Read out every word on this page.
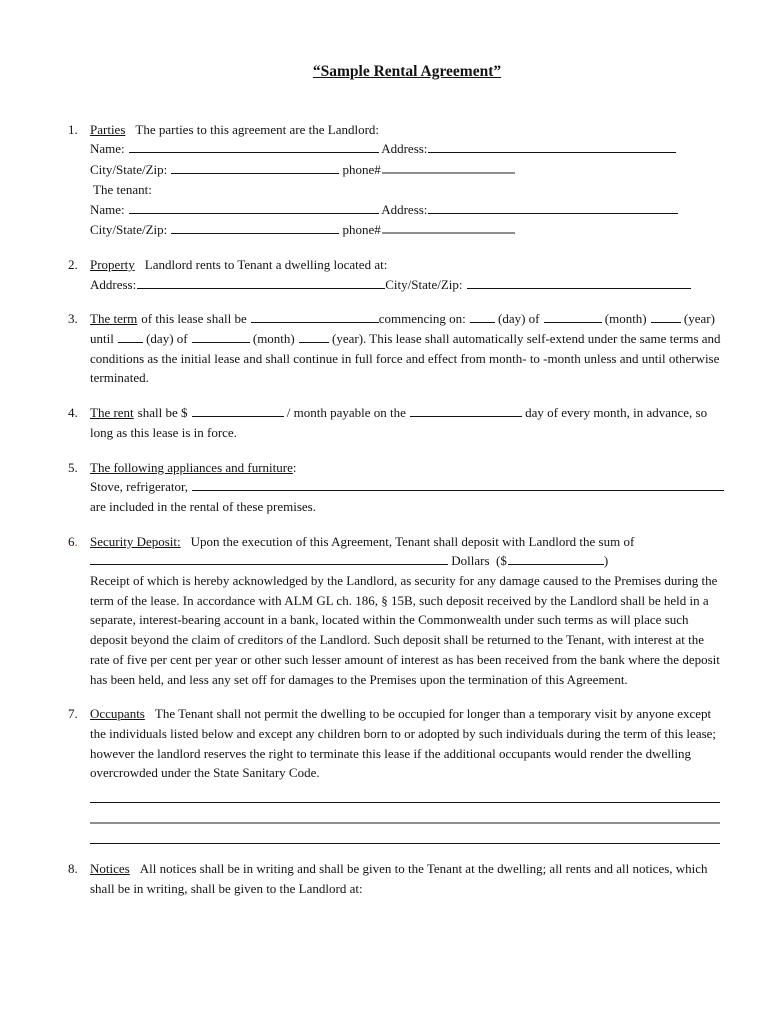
“Sample Rental Agreement”
1. Parties The parties to this agreement are the Landlord:
Name:	Address:
City/State/Zip:	phone#
The tenant:
Name:	Address:
City/State/Zip:	phone#
2. Property Landlord rents to Tenant a dwelling located at:
Address:	City/State/Zip:
3. The term of this lease shall be	commencing on: (day) of	(month)	(year) until (day) of	(month)	(year). This lease shall automatically self-extend under the same terms and conditions as the initial lease and shall continue in full force and effect from month- to -month unless and until otherwise terminated.
4. The rent shall be $	/ month payable on the	day of every month, in advance, so long as this lease is in force.
5. The following appliances and furniture:
Stove, refrigerator,
are included in the rental of these premises.
6. Security Deposit: Upon the execution of this Agreement, Tenant shall deposit with Landlord the sum of
Dollars  ($	)
Receipt of which is hereby acknowledged by the Landlord, as security for any damage caused to the Premises during the term of the lease. In accordance with ALM GL ch. 186, § 15B, such deposit received by the Landlord shall be held in a separate, interest-bearing account in a bank, located within the Commonwealth under such terms as will place such deposit beyond the claim of creditors of the Landlord. Such deposit shall be returned to the Tenant, with interest at the rate of five per cent per year or other such lesser amount of interest as has been received from the bank where the deposit has been held, and less any set off for damages to the Premises upon the termination of this Agreement.
7. Occupants The Tenant shall not permit the dwelling to be occupied for longer than a temporary visit by anyone except the individuals listed below and except any children born to or adopted by such individuals during the term of this lease; however the landlord reserves the right to terminate this lease if the additional occupants would render the dwelling overcrowded under the State Sanitary Code.
8. Notices All notices shall be in writing and shall be given to the Tenant at the dwelling; all rents and all notices, which shall be in writing, shall be given to the Landlord at:
